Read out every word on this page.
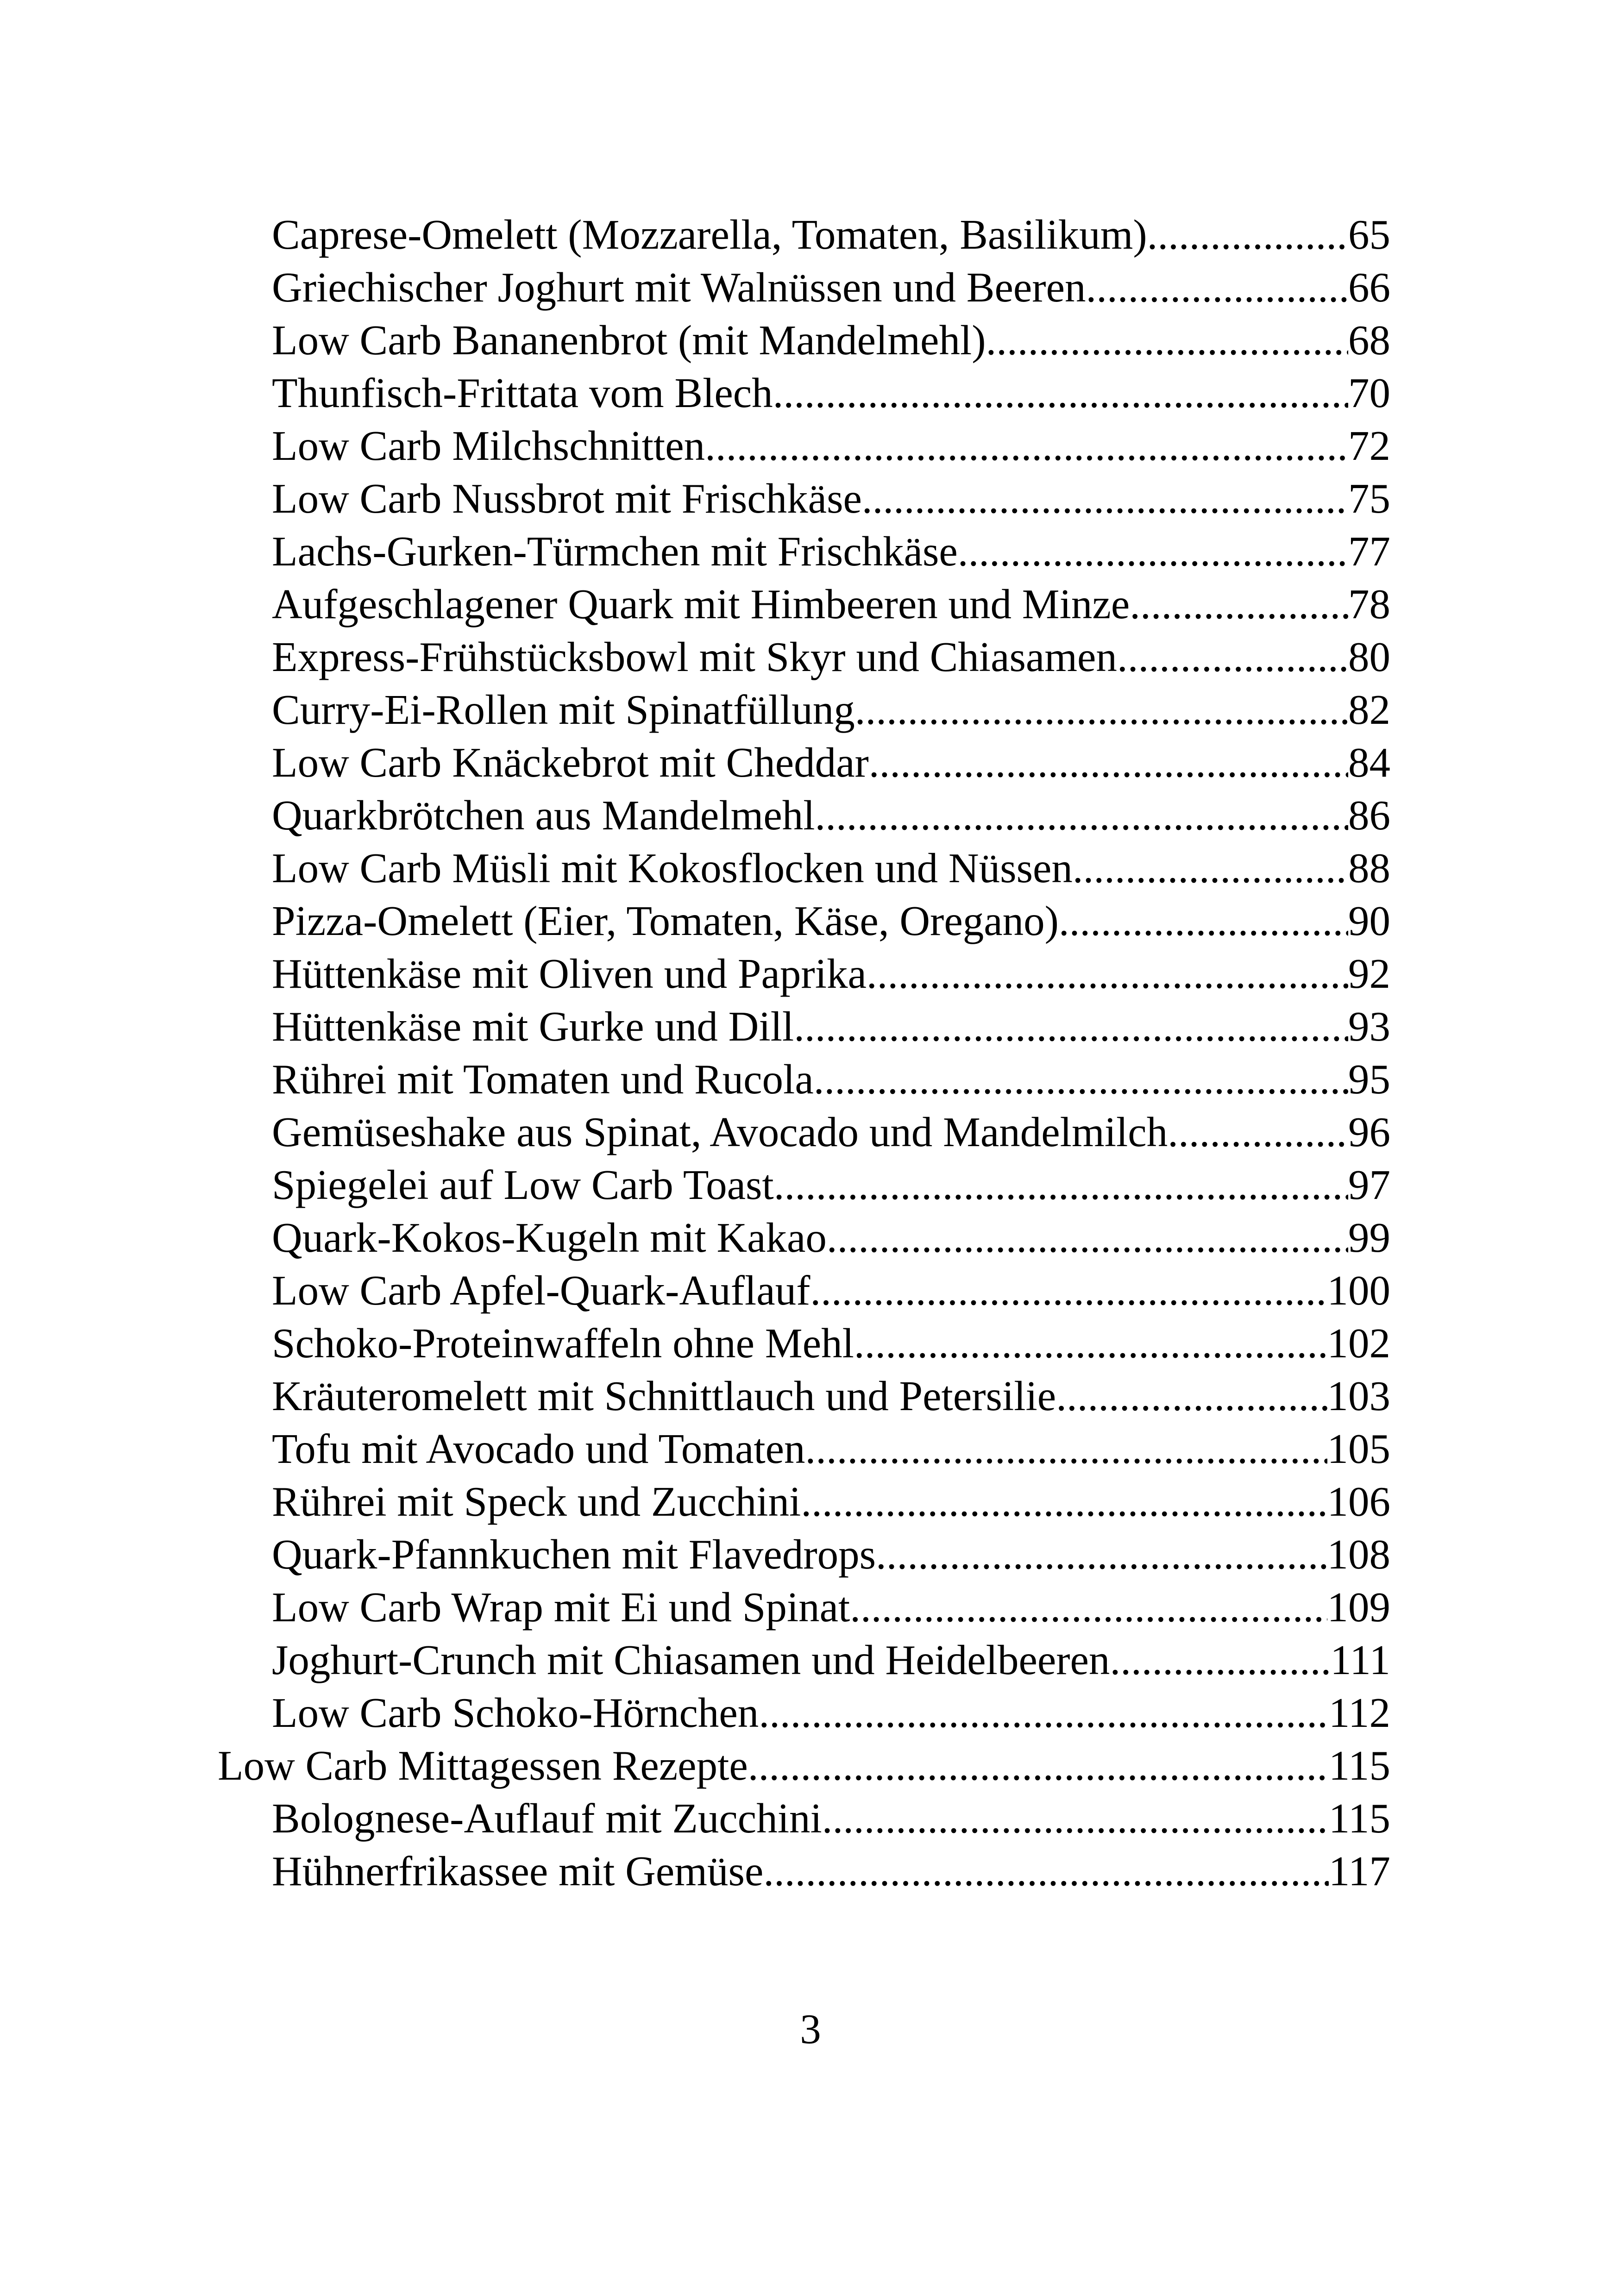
Caprese-Omelett (Mozzarella, Tomaten, Basilikum) .....	65
Griechischer Joghurt mit Walnüssen und Beeren .....	66
Low Carb Bananenbrot (mit Mandelmehl) .....	68
Thunfisch-Frittata vom Blech .....	70
Low Carb Milchschnitten .....	72
Low Carb Nussbrot mit Frischkäse .....	75
Lachs-Gurken-Türmchen mit Frischkäse .....	77
Aufgeschlagener Quark mit Himbeeren und Minze .....	78
Express-Frühstücksbowl mit Skyr und Chiasamen .....	80
Curry-Ei-Rollen mit Spinatfüllung .....	82
Low Carb Knäckebrot mit Cheddar .....	84
Quarkbrötchen aus Mandelmehl .....	86
Low Carb Müsli mit Kokosflocken und Nüssen .....	88
Pizza-Omelett (Eier, Tomaten, Käse, Oregano) .....	90
Hüttenkäse mit Oliven und Paprika .....	92
Hüttenkäse mit Gurke und Dill .....	93
Rührei mit Tomaten und Rucola .....	95
Gemüseshake aus Spinat, Avocado und Mandelmilch .....	96
Spiegelei auf Low Carb Toast .....	97
Quark-Kokos-Kugeln mit Kakao .....	99
Low Carb Apfel-Quark-Auflauf .....	100
Schoko-Proteinwaffeln ohne Mehl .....	102
Kräuteromelett mit Schnittlauch und Petersilie .....	103
Tofu mit Avocado und Tomaten .....	105
Rührei mit Speck und Zucchini .....	106
Quark-Pfannkuchen mit Flavedrops .....	108
Low Carb Wrap mit Ei und Spinat .....	109
Joghurt-Crunch mit Chiasamen und Heidelbeeren .....	111
Low Carb Schoko-Hörnchen .....	112
Low Carb Mittagessen Rezepte .....	115
Bolognese-Auflauf mit Zucchini .....	115
Hühnerfrikassee mit Gemüse .....	117
3
